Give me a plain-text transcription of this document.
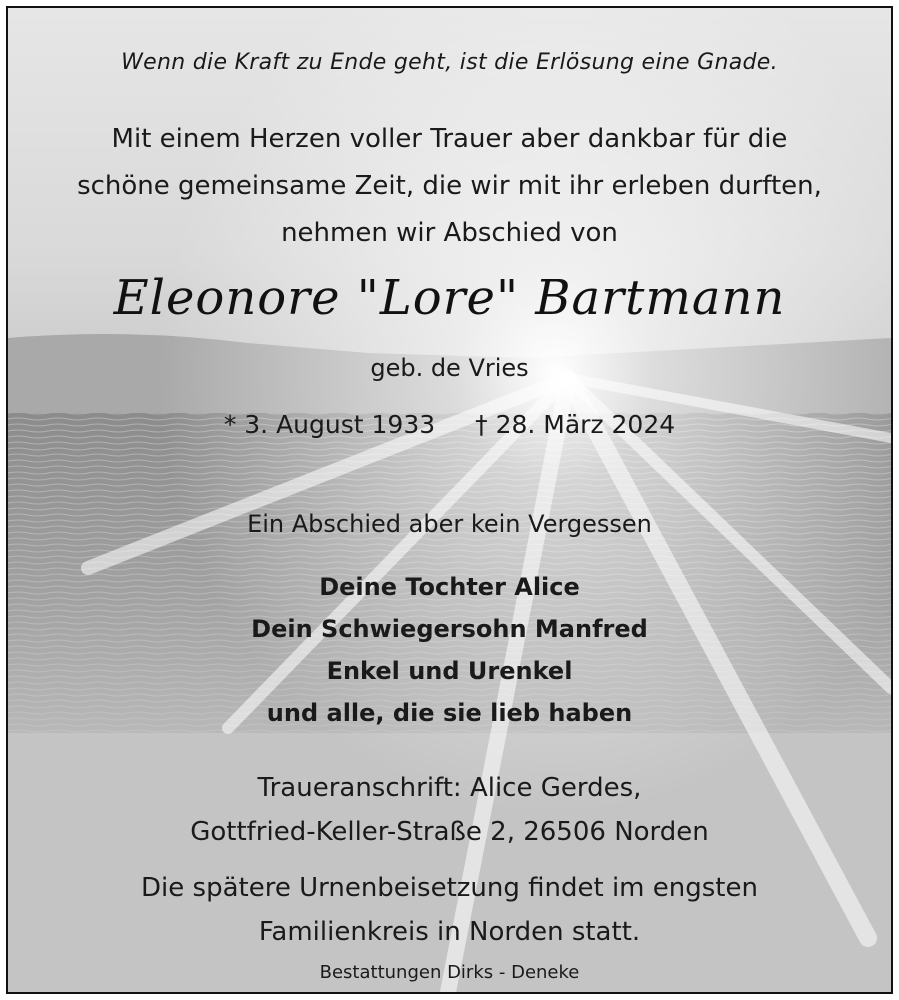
Wenn die Kraft zu Ende geht, ist die Erlösung eine Gnade.
Mit einem Herzen voller Trauer aber dankbar für die
schöne gemeinsame Zeit, die wir mit ihr erleben durften,
nehmen wir Abschied von
Eleonore "Lore" Bartmann
geb. de Vries
* 3. August 1933 † 28. März 2024
Ein Abschied aber kein Vergessen
Deine Tochter Alice
Dein Schwiegersohn Manfred
Enkel und Urenkel
und alle, die sie lieb haben
Traueranschrift: Alice Gerdes,
Gottfried-Keller-Straße 2, 26506 Norden
Die spätere Urnenbeisetzung findet im engsten
Familienkreis in Norden statt.
Bestattungen Dirks - Deneke
